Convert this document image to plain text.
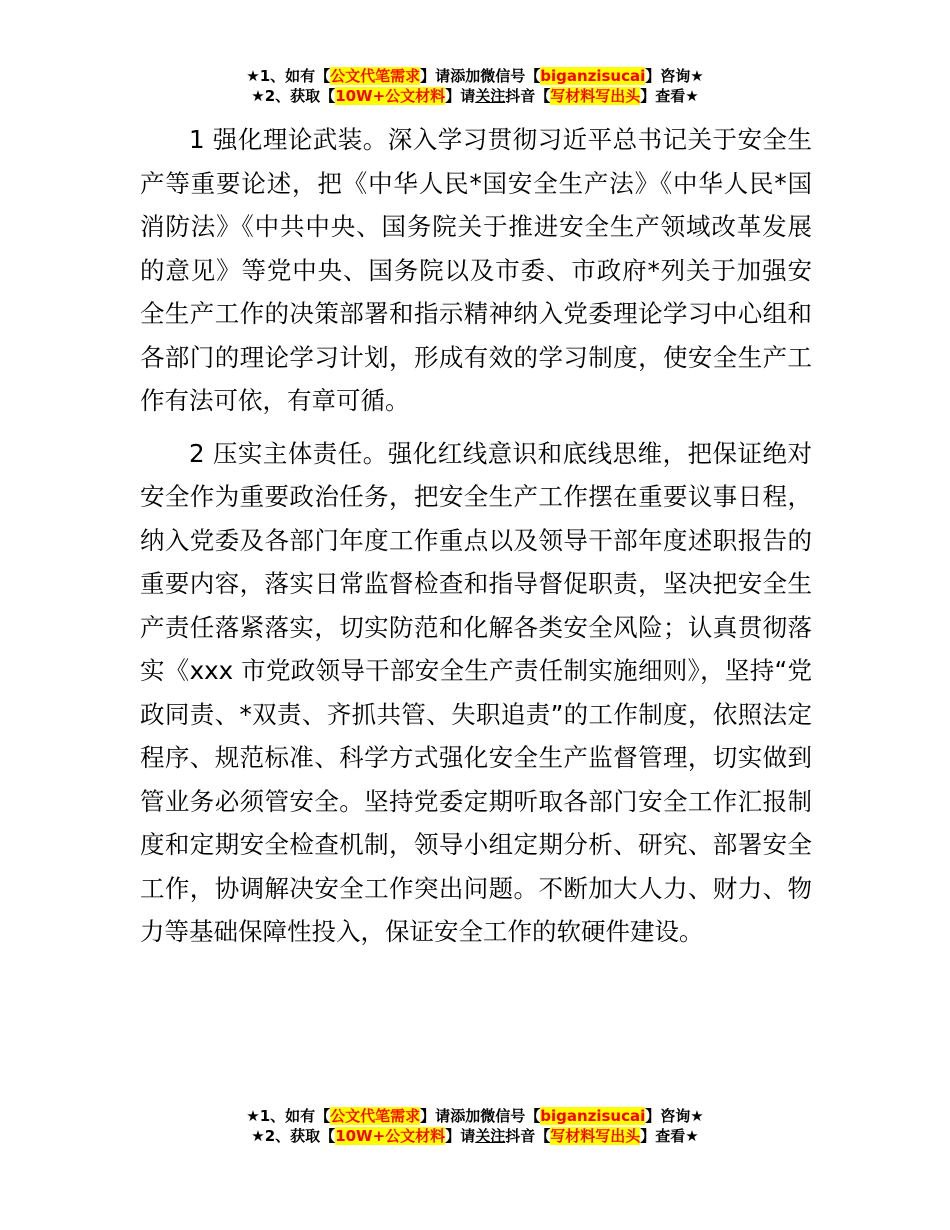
★1、如有【公文代笔需求】请添加微信号【biganzisucai】咨询★
★2、获取【10W+公文材料】请关注抖音【写材料写出头】查看★

1 强化理论武装。深入学习贯彻习近平总书记关于安全生产等重要论述，把《中华人民*国安全生产法》《中华人民*国消防法》《中共中央、国务院关于推进安全生产领域改革发展的意见》等党中央、国务院以及市委、市政府*列关于加强安全生产工作的决策部署和指示精神纳入党委理论学习中心组和各部门的理论学习计划，形成有效的学习制度，使安全生产工作有法可依，有章可循。

2 压实主体责任。强化红线意识和底线思维，把保证绝对安全作为重要政治任务，把安全生产工作摆在重要议事日程，纳入党委及各部门年度工作重点以及领导干部年度述职报告的重要内容，落实日常监督检查和指导督促职责，坚决把安全生产责任落紧落实，切实防范和化解各类安全风险；认真贯彻落实《xxx 市党政领导干部安全生产责任制实施细则》，坚持“党政同责、*双责、齐抓共管、失职追责”的工作制度，依照法定程序、规范标准、科学方式强化安全生产监督管理，切实做到管业务必须管安全。坚持党委定期听取各部门安全工作汇报制度和定期安全检查机制，领导小组定期分析、研究、部署安全工作，协调解决安全工作突出问题。不断加大人力、财力、物力等基础保障性投入，保证安全工作的软硬件建设。

★1、如有【公文代笔需求】请添加微信号【biganzisucai】咨询★
★2、获取【10W+公文材料】请关注抖音【写材料写出头】查看★
